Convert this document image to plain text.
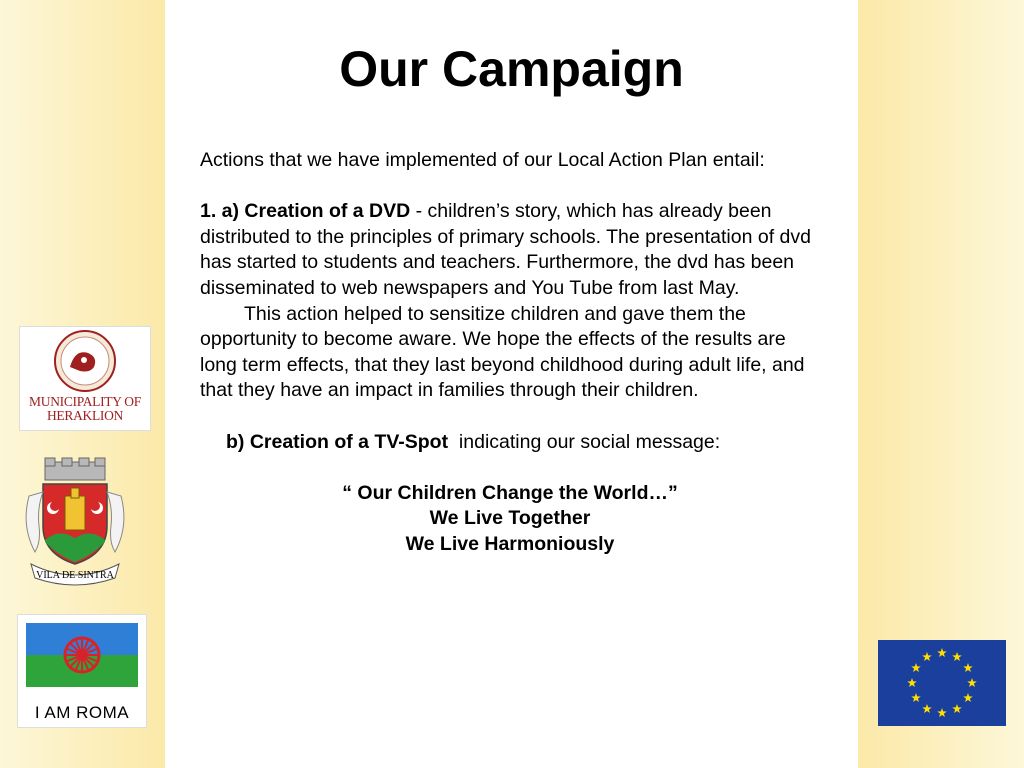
Our Campaign

Actions that we have implemented of our Local Action Plan entail:

1. a) Creation of a DVD - children’s story, which has already been distributed to the principles of primary schools. The presentation of dvd has started to students and teachers. Furthermore, the dvd has been disseminated to web newspapers and You Tube from last May.

This action helped to sensitize children and gave them the opportunity to become aware. We hope the effects of the results are long term effects, that they last beyond childhood during adult life, and that they have an impact in families through their children.

b) Creation of a TV-Spot  indicating our social message:

“ Our Children Change the World…”

We Live Together

We Live Harmoniously

MUNICIPALITY OF
HERAKLION
VILA DE SINTRA
I AM ROMA
